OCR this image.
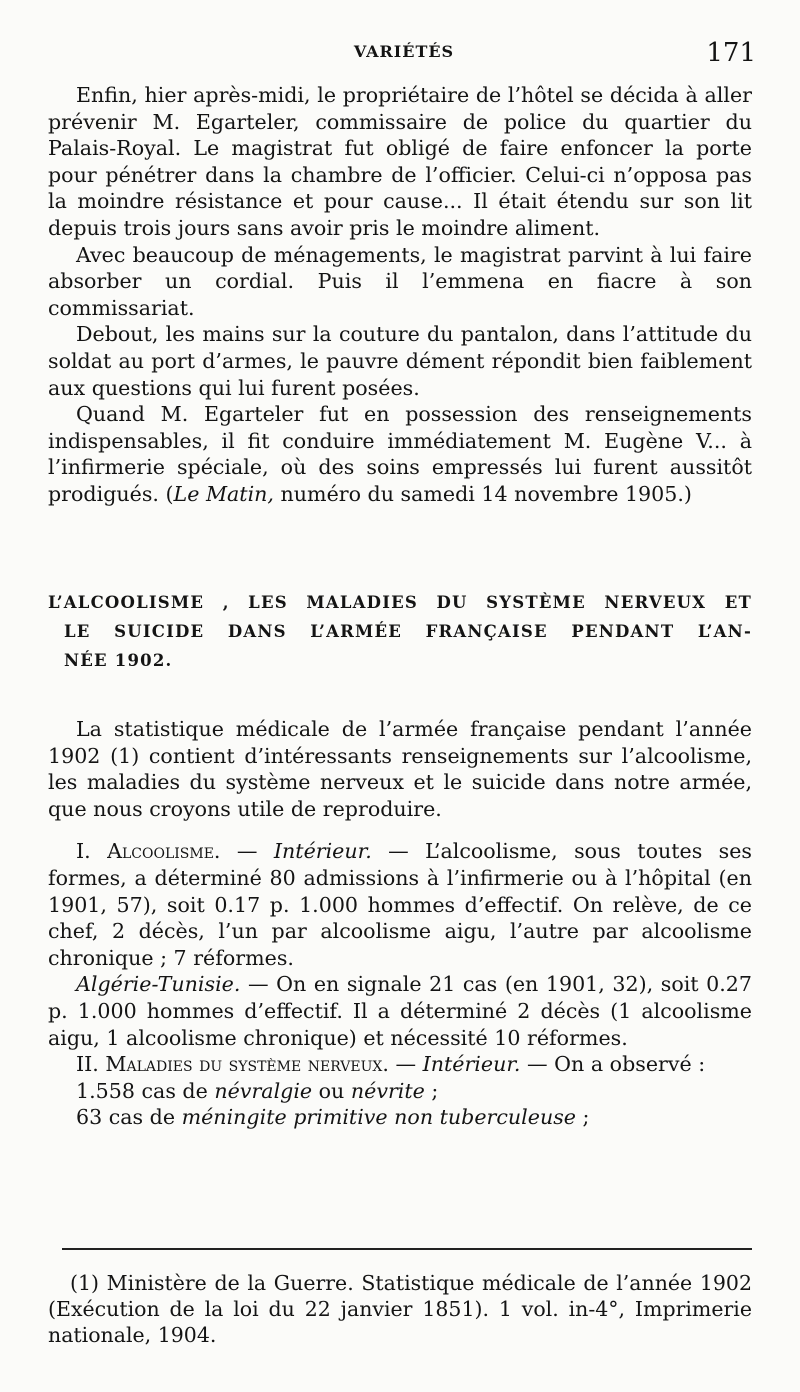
VARIÉTÉS	171

Enfin, hier après-midi, le propriétaire de l’hôtel se décida à aller prévenir M. Egarteler, commissaire de police du quartier du Palais-Royal. Le magistrat fut obligé de faire enfoncer la porte pour pénétrer dans la chambre de l’officier. Celui-ci n’opposa pas la moindre résistance et pour cause... Il était étendu sur son lit depuis trois jours sans avoir pris le moindre aliment.

Avec beaucoup de ménagements, le magistrat parvint à lui faire absorber un cordial. Puis il l’emmena en fiacre à son commissariat.

Debout, les mains sur la couture du pantalon, dans l’attitude du soldat au port d’armes, le pauvre dément répondit bien faiblement aux questions qui lui furent posées.

Quand M. Egarteler fut en possession des renseignements indispensables, il fit conduire immédiatement M. Eugène V... à l’infirmerie spéciale, où des soins empressés lui furent aussitôt prodigués. (Le Matin, numéro du samedi 14 novembre 1905.)

L’ALCOOLISME , LES MALADIES DU SYSTÈME NERVEUX ET
LE SUICIDE DANS L’ARMÉE FRANÇAISE PENDANT L’AN-
NÉE 1902.

La statistique médicale de l’armée française pendant l’année 1902 (1) contient d’intéressants renseignements sur l’alcoolisme, les maladies du système nerveux et le suicide dans notre armée, que nous croyons utile de reproduire.

I. Alcoolisme. — Intérieur. — L’alcoolisme, sous toutes ses formes, a déterminé 80 admissions à l’infirmerie ou à l’hôpital (en 1901, 57), soit 0.17 p. 1.000 hommes d’effectif. On relève, de ce chef, 2 décès, l’un par alcoolisme aigu, l’autre par alcoolisme chronique ; 7 réformes.

Algérie-Tunisie. — On en signale 21 cas (en 1901, 32), soit 0.27 p. 1.000 hommes d’effectif. Il a déterminé 2 décès (1 alcoolisme aigu, 1 alcoolisme chronique) et nécessité 10 réformes.

II. Maladies du système nerveux. — Intérieur. — On a observé :

1.558 cas de névralgie ou névrite ;
63 cas de méningite primitive non tuberculeuse ;

(1) Ministère de la Guerre. Statistique médicale de l’année 1902 (Exécution de la loi du 22 janvier 1851). 1 vol. in-4°, Imprimerie nationale, 1904.
